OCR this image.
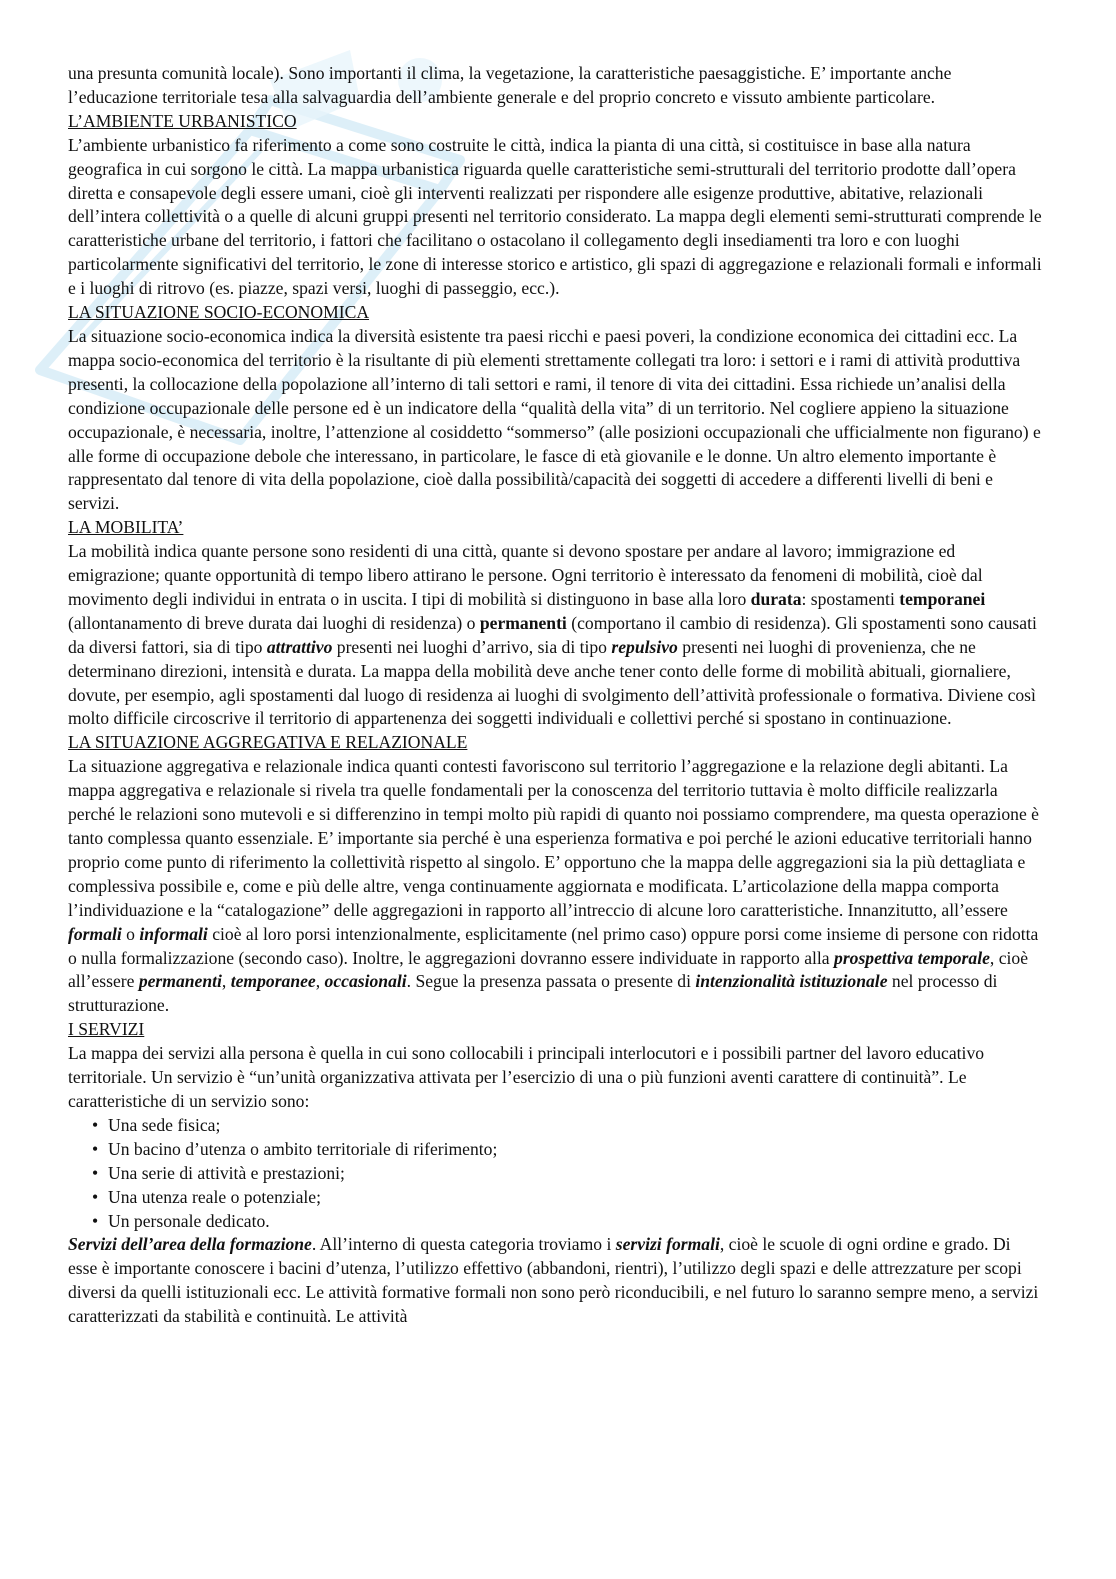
una presunta comunità locale). Sono importanti il clima, la vegetazione, la caratteristiche paesaggistiche. E’ importante anche l’educazione territoriale tesa alla salvaguardia dell’ambiente generale e del proprio concreto e vissuto ambiente particolare.

L’AMBIENTE URBANISTICO

L’ambiente urbanistico fa riferimento a come sono costruite le città, indica la pianta di una città, si costituisce in base alla natura geografica in cui sorgono le città. La mappa urbanistica riguarda quelle caratteristiche semi-strutturali del territorio prodotte dall’opera diretta e consapevole degli essere umani, cioè gli interventi realizzati per rispondere alle esigenze produttive, abitative, relazionali dell’intera collettività o a quelle di alcuni gruppi presenti nel territorio considerato. La mappa degli elementi semi-strutturati comprende le caratteristiche urbane del territorio, i fattori che facilitano o ostacolano il collegamento degli insediamenti tra loro e con luoghi particolarmente significativi del territorio, le zone di interesse storico e artistico, gli spazi di aggregazione e relazionali formali e informali e i luoghi di ritrovo (es. piazze, spazi versi, luoghi di passeggio, ecc.).

LA SITUAZIONE SOCIO-ECONOMICA

La situazione socio-economica indica la diversità esistente tra paesi ricchi e paesi poveri, la condizione economica dei cittadini ecc. La mappa socio-economica del territorio è la risultante di più elementi strettamente collegati tra loro: i settori e i rami di attività produttiva presenti, la collocazione della popolazione all’interno di tali settori e rami, il tenore di vita dei cittadini. Essa richiede un’analisi della condizione occupazionale delle persone ed è un indicatore della “qualità della vita” di un territorio. Nel cogliere appieno la situazione occupazionale, è necessaria, inoltre, l’attenzione al cosiddetto “sommerso” (alle posizioni occupazionali che ufficialmente non figurano) e alle forme di occupazione debole che interessano, in particolare, le fasce di età giovanile e le donne. Un altro elemento importante è rappresentato dal tenore di vita della popolazione, cioè dalla possibilità/capacità dei soggetti di accedere a differenti livelli di beni e servizi.

LA MOBILITA’

La mobilità indica quante persone sono residenti di una città, quante si devono spostare per andare al lavoro; immigrazione ed emigrazione; quante opportunità di tempo libero attirano le persone. Ogni territorio è interessato da fenomeni di mobilità, cioè dal movimento degli individui in entrata o in uscita. I tipi di mobilità si distinguono in base alla loro durata: spostamenti temporanei (allontanamento di breve durata dai luoghi di residenza) o permanenti (comportano il cambio di residenza). Gli spostamenti sono causati da diversi fattori, sia di tipo attrattivo presenti nei luoghi d’arrivo, sia di tipo repulsivo presenti nei luoghi di provenienza, che ne determinano direzioni, intensità e durata. La mappa della mobilità deve anche tener conto delle forme di mobilità abituali, giornaliere, dovute, per esempio, agli spostamenti dal luogo di residenza ai luoghi di svolgimento dell’attività professionale o formativa. Diviene così molto difficile circoscrive il territorio di appartenenza dei soggetti individuali e collettivi perché si spostano in continuazione.

LA SITUAZIONE AGGREGATIVA E RELAZIONALE

La situazione aggregativa e relazionale indica quanti contesti favoriscono sul territorio l’aggregazione e la relazione degli abitanti. La mappa aggregativa e relazionale si rivela tra quelle fondamentali per la conoscenza del territorio tuttavia è molto difficile realizzarla perché le relazioni sono mutevoli e si differenzino in tempi molto più rapidi di quanto noi possiamo comprendere, ma questa operazione è tanto complessa quanto essenziale. E’ importante sia perché è una esperienza formativa e poi perché le azioni educative territoriali hanno proprio come punto di riferimento la collettività rispetto al singolo. E’ opportuno che la mappa delle aggregazioni sia la più dettagliata e complessiva possibile e, come e più delle altre, venga continuamente aggiornata e modificata. L’articolazione della mappa comporta l’individuazione e la “catalogazione” delle aggregazioni in rapporto all’intreccio di alcune loro caratteristiche. Innanzitutto, all’essere formali o informali cioè al loro porsi intenzionalmente, esplicitamente (nel primo caso) oppure porsi come insieme di persone con ridotta o nulla formalizzazione (secondo caso). Inoltre, le aggregazioni dovranno essere individuate in rapporto alla prospettiva temporale, cioè all’essere permanenti, temporanee, occasionali. Segue la presenza passata o presente di intenzionalità istituzionale nel processo di strutturazione.

I SERVIZI

La mappa dei servizi alla persona è quella in cui sono collocabili i principali interlocutori e i possibili partner del lavoro educativo territoriale. Un servizio è “un’unità organizzativa attivata per l’esercizio di una o più funzioni aventi carattere di continuità”. Le caratteristiche di un servizio sono:

• Una sede fisica;
• Un bacino d’utenza o ambito territoriale di riferimento;
• Una serie di attività e prestazioni;
• Una utenza reale o potenziale;
• Un personale dedicato.

Servizi dell’area della formazione. All’interno di questa categoria troviamo i servizi formali, cioè le scuole di ogni ordine e grado. Di esse è importante conoscere i bacini d’utenza, l’utilizzo effettivo (abbandoni, rientri), l’utilizzo degli spazi e delle attrezzature per scopi diversi da quelli istituzionali ecc. Le attività formative formali non sono però riconducibili, e nel futuro lo saranno sempre meno, a servizi caratterizzati da stabilità e continuità. Le attività
